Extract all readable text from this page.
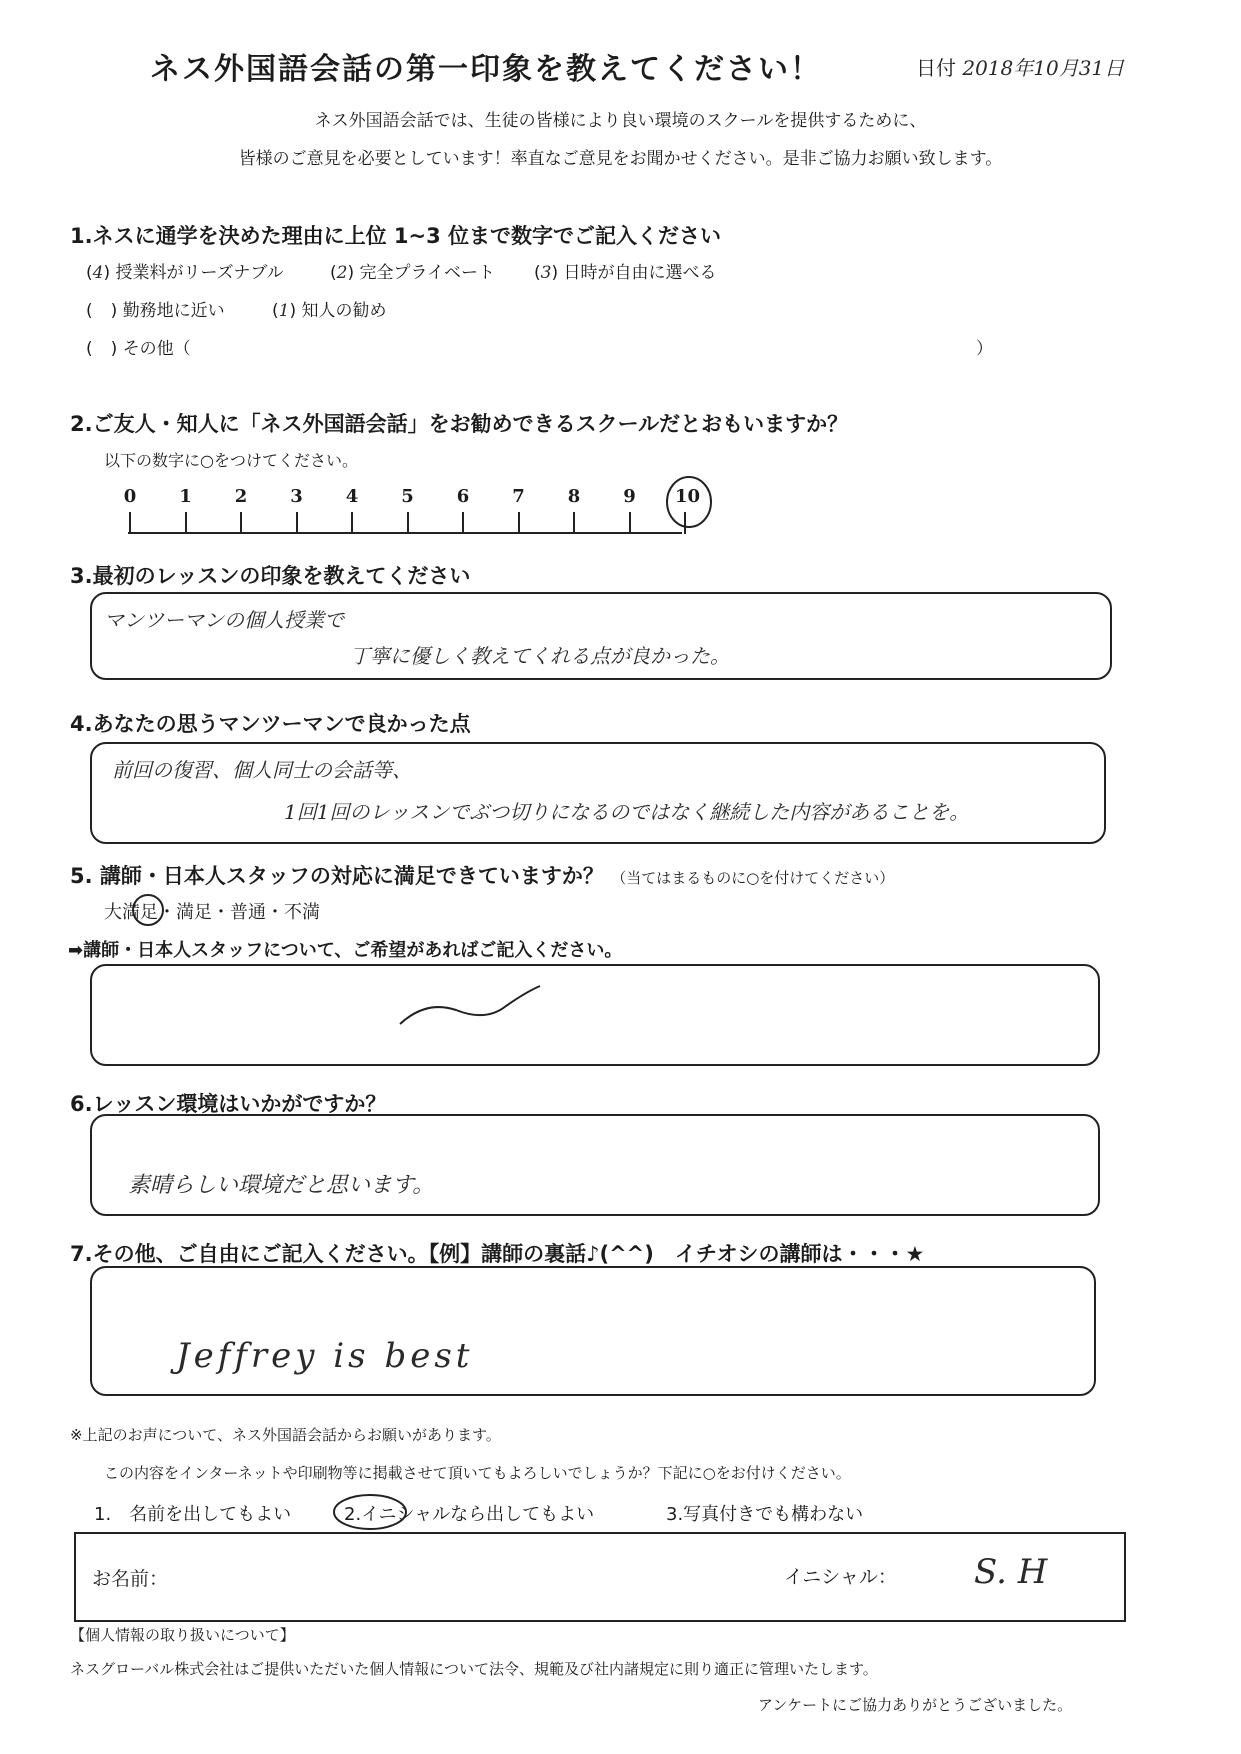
ネス外国語会話の第一印象を教えてください！	日付 2018年10月31日
ネス外国語会話では、生徒の皆様により良い環境のスクールを提供するために、
皆様のご意見を必要としています！率直なご意見をお聞かせください。是非ご協力お願い致します。
1.ネスに通学を決めた理由に上位 1~3 位まで数字でご記入ください
(4) 授業料がリーズナブル	(2) 完全プライベート (3) 日時が自由に選べる
( ) 勤務地に近い	(1) 知人の勧め
( ) その他（	）
2.ご友人・知人に「ネス外国語会話」をお勧めできるスクールだとおもいますか？
以下の数字に○をつけてください。
0 1 2 3 4 5 6 7 8 9 10
3.最初のレッスンの印象を教えてください
マンツーマンの個人授業で
丁寧に優しく教えてくれる点が良かった。
4.あなたの思うマンツーマンで良かった点
前回の復習、個人同士の会話等、
1回1回のレッスンでぶつ切りになるのではなく継続した内容があることを。
5. 講師・日本人スタッフの対応に満足できていますか？ （当てはまるものに○を付けてください）
大満足・満足・普通・不満
➡講師・日本人スタッフについて、ご希望があればご記入ください。
6.レッスン環境はいかがですか？
素晴らしい環境だと思います。
7.その他、ご自由にご記入ください。【例】講師の裏話♪(^^)　イチオシの講師は・・・★
Jeffrey is best
※上記のお声について、ネス外国語会話からお願いがあります。
この内容をインターネットや印刷物等に掲載させて頂いてもよろしいでしょうか？下記に○をお付けください。
1.　名前を出してもよい	2.イニシャルなら出してもよい	3.写真付きでも構わない
お名前：	イニシャル： S. H
【個人情報の取り扱いについて】
ネスグローバル株式会社はご提供いただいた個人情報について法令、規範及び社内諸規定に則り適正に管理いたします。
アンケートにご協力ありがとうございました。
